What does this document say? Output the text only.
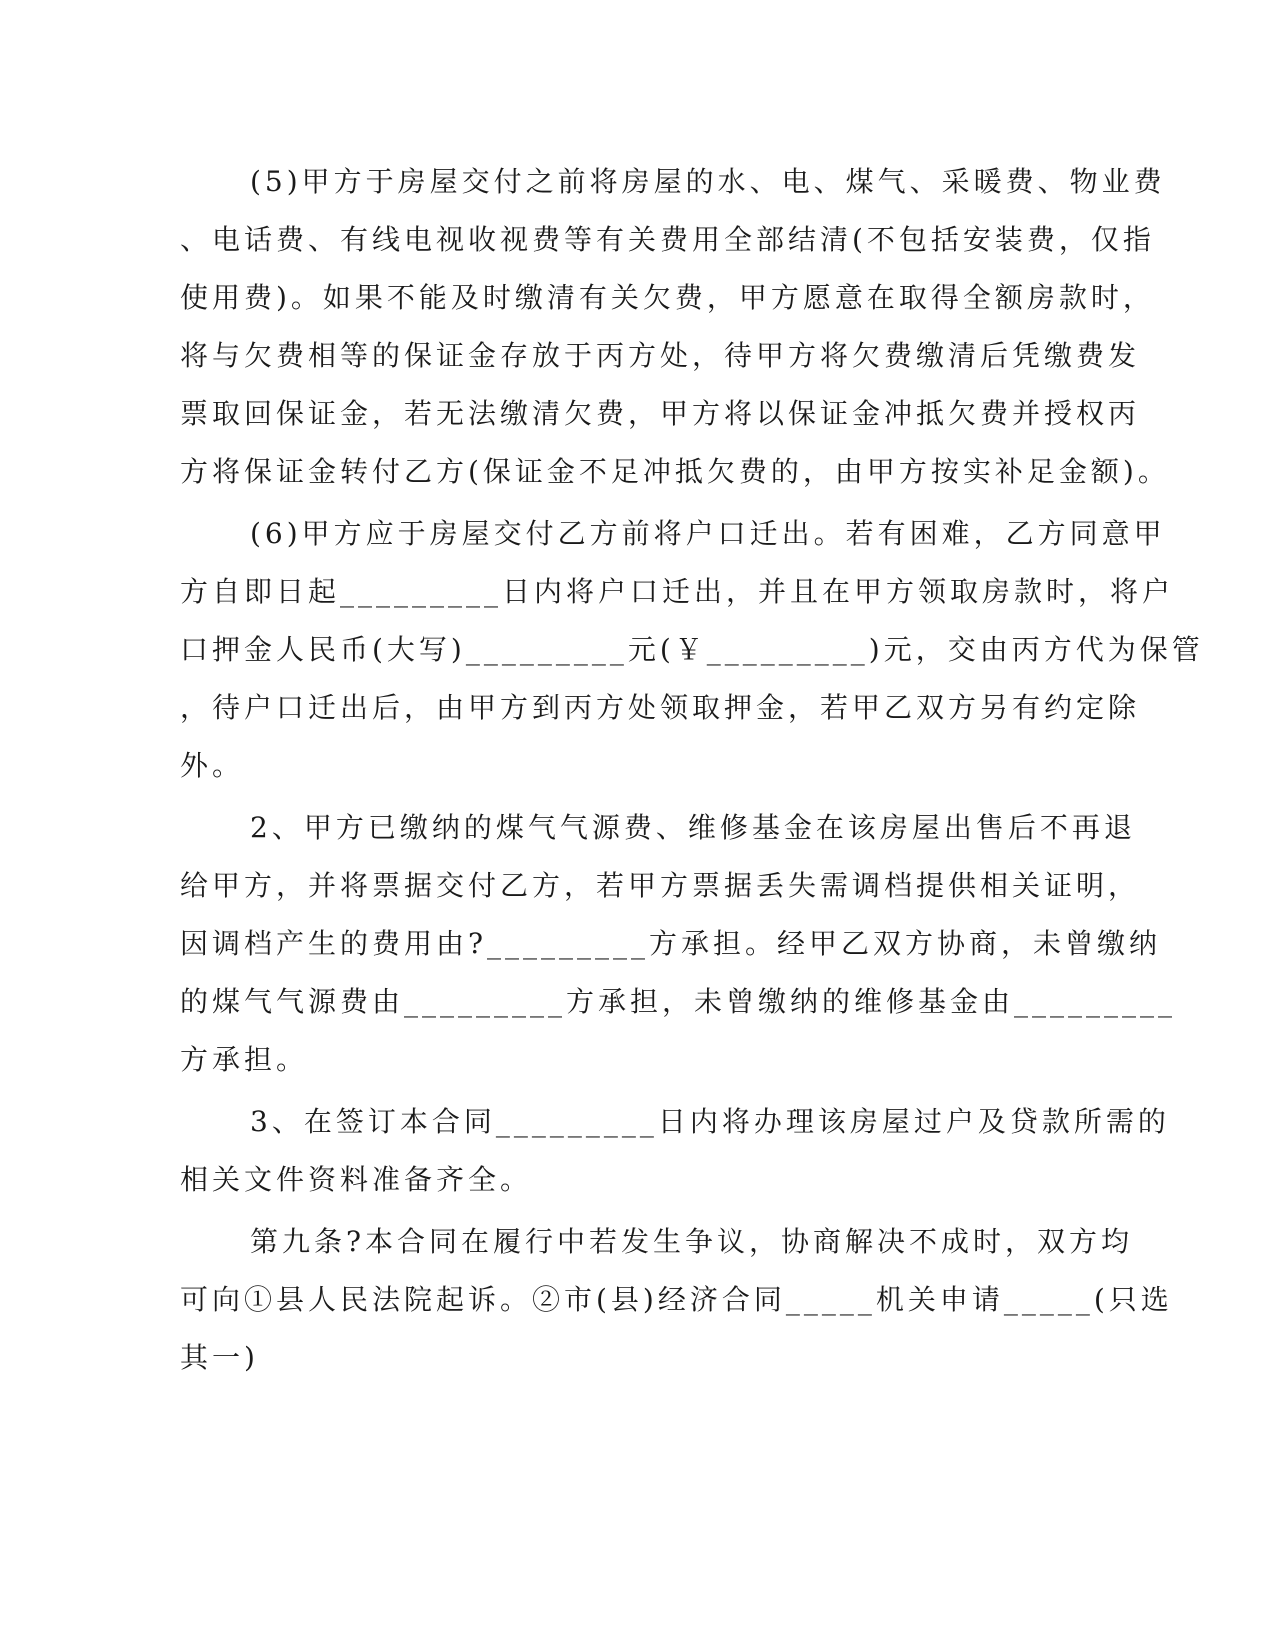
(5)甲方于房屋交付之前将房屋的水、电、煤气、采暖费、物业费
、电话费、有线电视收视费等有关费用全部结清(不包括安装费，仅指
使用费)。如果不能及时缴清有关欠费，甲方愿意在取得全额房款时，
将与欠费相等的保证金存放于丙方处，待甲方将欠费缴清后凭缴费发
票取回保证金，若无法缴清欠费，甲方将以保证金冲抵欠费并授权丙
方将保证金转付乙方(保证金不足冲抵欠费的，由甲方按实补足金额)。
(6)甲方应于房屋交付乙方前将户口迁出。若有困难，乙方同意甲
方自即日起_________日内将户口迁出，并且在甲方领取房款时，将户
口押金人民币(大写)_________元(￥_________)元，交由丙方代为保管
，待户口迁出后，由甲方到丙方处领取押金，若甲乙双方另有约定除
外。
2、甲方已缴纳的煤气气源费、维修基金在该房屋出售后不再退
给甲方，并将票据交付乙方，若甲方票据丢失需调档提供相关证明，
因调档产生的费用由?_________方承担。经甲乙双方协商，未曾缴纳
的煤气气源费由_________方承担，未曾缴纳的维修基金由_________
方承担。
3、在签订本合同_________日内将办理该房屋过户及贷款所需的
相关文件资料准备齐全。
第九条?本合同在履行中若发生争议，协商解决不成时，双方均
可向①县人民法院起诉。②市(县)经济合同_____机关申请_____(只选
其一)
